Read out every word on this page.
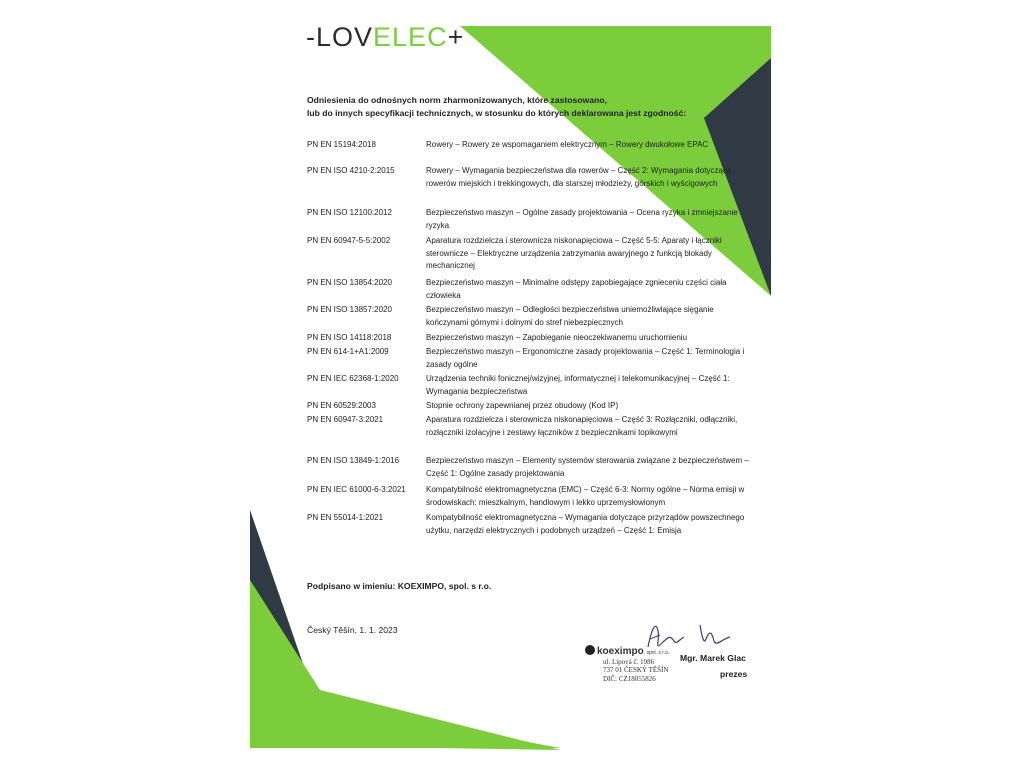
-LOVELEC+
Odniesienia do odnośnych norm zharmonizowanych, które zastosowano,
lub do innych specyfikacji technicznych, w stosunku do których deklarowana jest zgodność:
PN EN 15194:2018	Rowery – Rowery ze wspomaganiem elektrycznym – Rowery dwukołowe EPAC
PN EN ISO 4210-2:2015	Rowery – Wymagania bezpieczeństwa dla rowerów – Część 2: Wymagania dotyczące rowerów miejskich i trekkingowych, dla starszej młodzieży, górskich i wyścigowych
PN EN ISO 12100:2012	Bezpieczeństwo maszyn – Ogólne zasady projektowania – Ocena ryzyka i zmniejszanie ryzyka
PN EN 60947-5-5:2002	Aparatura rozdzielcza i sterownicza niskonapięciowa – Część 5-5: Aparaty i łączniki sterownicze – Elektryczne urządzenia zatrzymania awaryjnego z funkcją blokady mechanicznej
PN EN ISO 13854:2020	Bezpieczeństwo maszyn – Minimalne odstępy zapobiegające zgnieceniu części ciała człowieka
PN EN ISO 13857:2020	Bezpieczeństwo maszyn – Odległości bezpieczeństwa uniemożliwiające sięganie kończynami górnymi i dolnymi do stref niebezpiecznych
PN EN ISO 14118:2018	Bezpieczeństwo maszyn – Zapobieganie nieoczekiwanemu uruchomieniu
PN EN 614-1+A1:2009	Bezpieczeństwo maszyn – Ergonomiczne zasady projektowania – Część 1: Terminologia i zasady ogólne
PN EN IEC 62368-1:2020	Urządzenia techniki fonicznej/wizyjnej, informatycznej i telekomunikacyjnej – Część 1: Wymagania bezpieczeństwa
PN EN 60529:2003	Stopnie ochrony zapewnianej przez obudowy (Kod IP)
PN EN 60947-3:2021	Aparatura rozdzielcza i sterownicza niskonapięciowa – Część 3: Rozłączniki, odłączniki, rozłączniki izolacyjne i zestawy łączników z bezpiecznikami topikowymi
PN EN ISO 13849-1:2016	Bezpieczeństwo maszyn – Elementy systemów sterowania związane z bezpieczeństwem – Część 1: Ogólne zasady projektowania
PN EN IEC 61000-6-3:2021	Kompatybilność elektromagnetyczna (EMC) – Część 6-3: Normy ogólne – Norma emisji w środowiskach: mieszkalnym, handlowym i lekko uprzemysłowionym
PN EN 55014-1:2021	Kompatybilność elektromagnetyczna – Wymagania dotyczące przyrządów powszechnego użytku, narzędzi elektrycznych i podobnych urządzeń – Część 1: Emisja
Podpisano w imieniu: KOEXIMPO, spol. s r.o.
Český Těšín, 1. 1. 2023
koeximpo, spol. s r.o.
ul. Lipová č. 1986
737 01 ČESKÝ TĚŠÍN
DIČ: CZ18055826
Mgr. Marek Glac
prezes
